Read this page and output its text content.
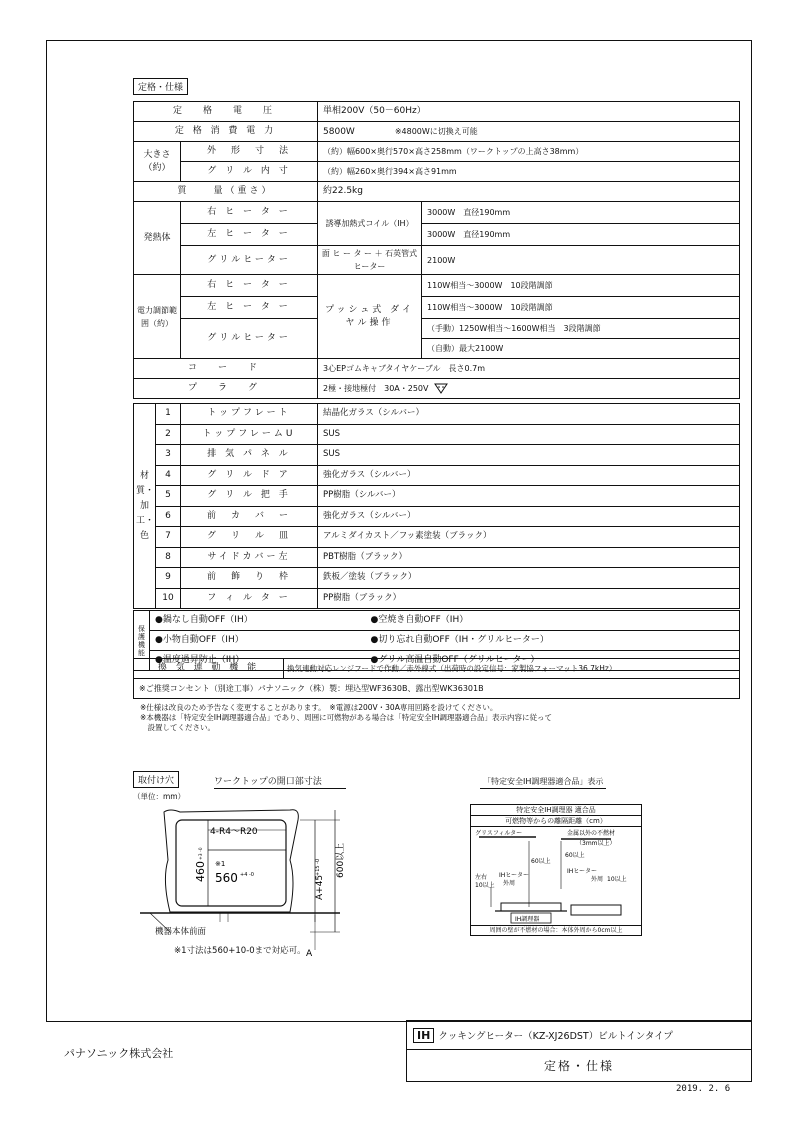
定格・仕様
定　格　電　圧		単相200V（50－60Hz）	
定 格 消 費 電 力		5800W ※4800Wに切換え可能	
大きさ（約）	外　形　寸　法	（約）幅600×奥行570×高さ258mm（ワークトップの上高さ38mm）	
	グ リ ル 内 寸	（約）幅260×奥行394×高さ91mm	
質　　量（重さ）		約22.5kg	
発熱体	右 ヒ ー タ ー	誘導加熱式コイル（IH）	3000W　直径190mm
	左 ヒ ー タ ー		3000W　直径190mm
	グリルヒーター	面 ヒ ー タ ー ＋ 石英管式ヒーター	2100W
電力調節範囲（約）	右 ヒ ー タ ー	プッシュ式 ダイヤル操作	110W相当～3000W　10段階調節
	左 ヒ ー タ ー		110W相当～3000W　10段階調節
	グリルヒーター		（手動）1250W相当～1600W相当　3段階調節
			（自動）最大2100W
コ　ー　ド		3心EPゴムキャブタイヤケーブル　長さ0.7m	
プ　ラ　グ		2極・接地極付　30A・250V	
材質・加工・色	1	トップフレート	結晶化ガラス（シルバー）
	2	トップフレームU	SUS
	3	排 気 パ ネ ル	SUS
	4	グ リ ル ド ア	強化ガラス（シルバー）
	5	グ リ ル 把 手	PP樹脂（シルバー）
	6	前　カ　バ　ー	強化ガラス（シルバー）
	7	グ　リ　ル　皿	アルミダイカスト／フッ素塗装（ブラック）
	8	サイドカバー左	PBT樹脂（ブラック）
	9	前　飾　り　枠	鉄板／塗装（ブラック）
	10	フ ィ ル タ ー	PP樹脂（ブラック）
保護機能	●鍋なし自動OFF（IH）	●空焼き自動OFF（IH）
	●小物自動OFF（IH）	●切り忘れ自動OFF（IH・グリルヒーター）
	●温度過昇防止（IH）	●グリル高温自動OFF（グリルヒーター）
換 気 連 動 機 能	換気連動対応レンジフードで作動／赤外線式（出荷時の設定信号：家製協フォーマット36.7kHz）
※ご推奨コンセント（別途工事）パナソニック（株）製：埋込型WF3630B、露出型WK36301B
※仕様は改良のため予告なく変更することがあります。　※電源は200V・30A専用回路を設けてください。
※本機器は「特定安全IH調理器適合品」であり、周囲に可燃物がある場合は「特定安全IH調理器適合品」表示内容に従って
　設置してください。
取付け穴	ワークトップの開口部寸法
（単位：mm）
4-R4～R20
460
+3 -0
※1
560 +4 -0	A+45
+15 -0 600以上
A
機器本体前面
※1寸法は560+10-0まで対応可。
「特定安全IH調理器適合品」表示
特定安全IH調理器 適合品
可燃物等からの離隔距離（cm）
グリスフィルター	金属以外の不燃材
（3mm以上）
60以上
60以上
左右
10以上
IHヒーター
外周
IHヒーター
外周 10以上
IH調理器
周囲の壁が不燃材の場合：本体外周から0cm以上
パナソニック株式会社
IH クッキングヒーター（KZ-XJ26DST）ビルトインタイプ
定格・仕様
2019. 2. 6
